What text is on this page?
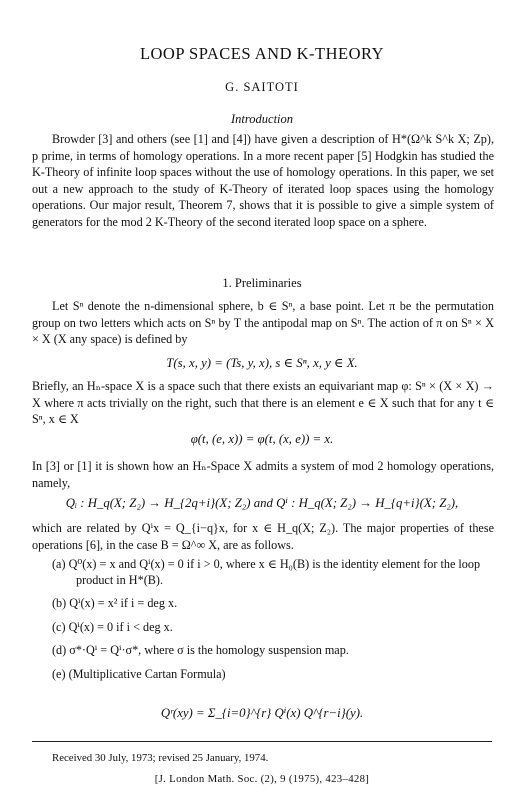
LOOP SPACES AND K-THEORY
G. SAITOTI
Introduction

Browder [3] and others (see [1] and [4]) have given a description of H*(Ω^k S^k X; Zp), p prime, in terms of homology operations. In a more recent paper [5] Hodgkin has studied the K-Theory of infinite loop spaces without the use of homology operations. In this paper, we set out a new approach to the study of K-Theory of iterated loop spaces using the homology operations. Our major result, Theorem 7, shows that it is possible to give a simple system of generators for the mod 2 K-Theory of the second iterated loop space on a sphere.

1. Preliminaries

Let Sⁿ denote the n-dimensional sphere, b ∈ Sⁿ, a base point. Let π be the permutation group on two letters which acts on Sⁿ by T the antipodal map on Sⁿ. The action of π on Sⁿ × X × X (X any space) is defined by

T(s, x, y) = (Ts, y, x), s ∈ Sⁿ, x, y ∈ X.

Briefly, an Hₙ-space X is a space such that there exists an equivariant map φ: Sⁿ × (X × X) → X where π acts trivially on the right, such that there is an element e ∈ X such that for any t ∈ Sⁿ, x ∈ X

φ(t, (e, x)) = φ(t, (x, e)) = x.

In [3] or [1] it is shown how an Hₙ-Space X admits a system of mod 2 homology operations, namely,

Qᵢ : H_q(X; Z₂) → H_{2q+i}(X; Z₂) and Qⁱ : H_q(X; Z₂) → H_{q+i}(X; Z₂),

which are related by Qⁱx = Q_{i−q}x, for x ∈ H_q(X; Z₂). The major properties of these operations [6], in the case B = Ω^∞ X, are as follows.

(a) Q⁰(x) = x and Qⁱ(x) = 0 if i > 0, where x ∈ H₀(B) is the identity element for the loop product in H*(B).
(b) Qⁱ(x) = x² if i = deg x.
(c) Qⁱ(x) = 0 if i < deg x.
(d) σ*·Qⁱ = Qⁱ·σ*, where σ is the homology suspension map.
(e) (Multiplicative Cartan Formula)
Qʳ(xy) = Σ_{i=0}^{r} Qⁱ(x) Q^{r−i}(y).
Received 30 July, 1973; revised 25 January, 1974.
[J. London Math. Soc. (2), 9 (1975), 423–428]
